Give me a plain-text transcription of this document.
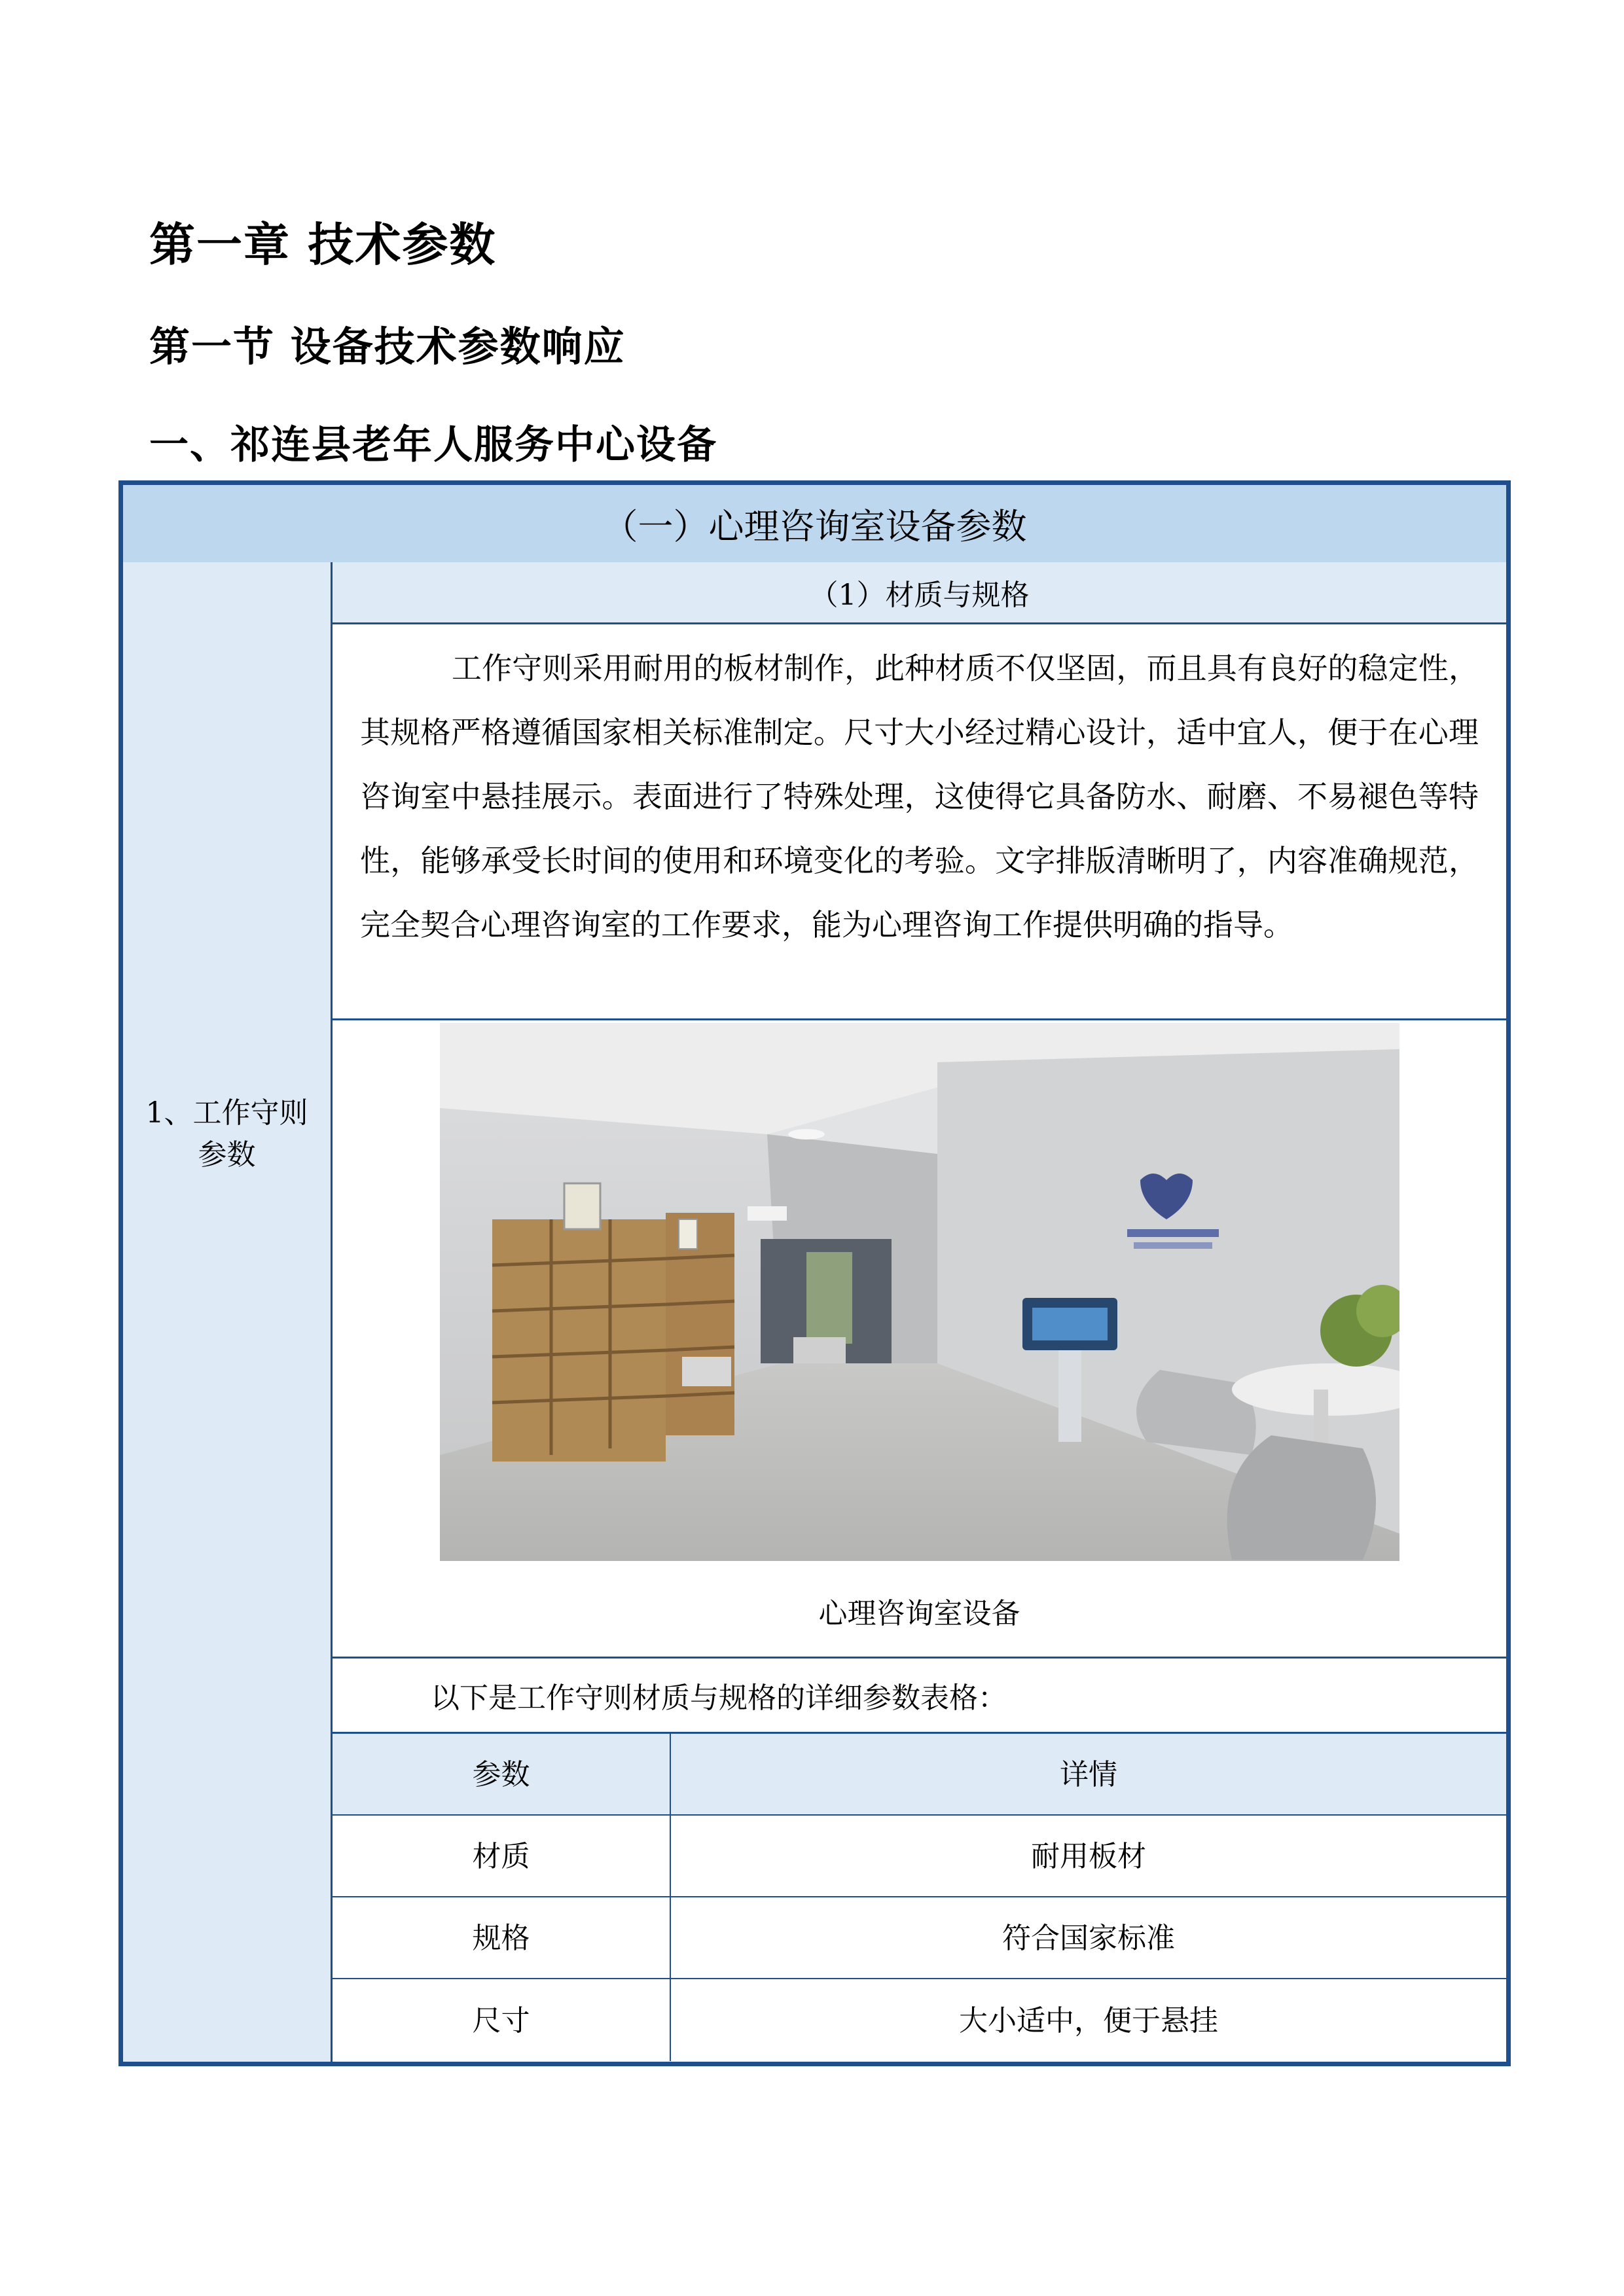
第一章 技术参数
第一节 设备技术参数响应
一、祁连县老年人服务中心设备
（一）心理咨询室设备参数
1、工作守则参数
（1）材质与规格
工作守则采用耐用的板材制作，此种材质不仅坚固，而且具有良好的稳定性，其规格严格遵循国家相关标准制定。尺寸大小经过精心设计，适中宜人，便于在心理咨询室中悬挂展示。表面进行了特殊处理，这使得它具备防水、耐磨、不易褪色等特性，能够承受长时间的使用和环境变化的考验。文字排版清晰明了，内容准确规范，完全契合心理咨询室的工作要求，能为心理咨询工作提供明确的指导。
心理咨询室设备
以下是工作守则材质与规格的详细参数表格：
参数	详情
材质	耐用板材
规格	符合国家标准
尺寸	大小适中，便于悬挂
